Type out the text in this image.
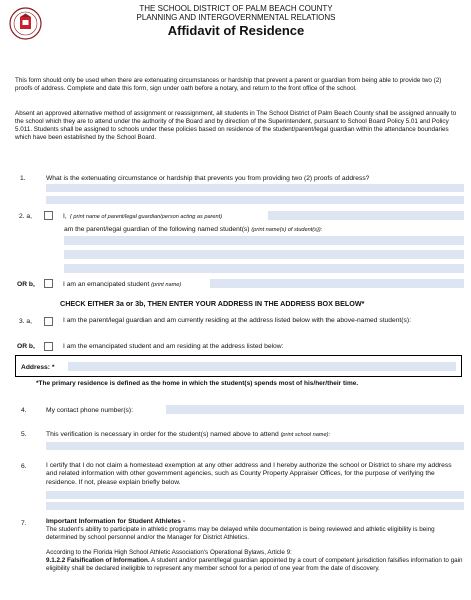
THE SCHOOL DISTRICT OF PALM BEACH COUNTY
PLANNING AND INTERGOVERNMENTAL RELATIONS
Affidavit of Residence
This form should only be used when there are extenuating circumstances or hardship that prevent a parent or guardian from being able to provide two (2) proofs of address. Complete and date this form, sign under oath before a notary, and return to the front office of the school.
Absent an approved alternative method of assignment or reassignment, all students in The School District of Palm Beach County shall be assigned annually to the school which they are to attend under the authority of the Board and by direction of the Superintendent, pursuant to School Board Policy 5.01 and Policy 5.011. Students shall be assigned to schools under these policies based on residence of the student/parent/legal guardian within the attendance boundaries which have been established by the School Board.
1.	What is the extenuating circumstance or hardship that prevents you from providing two (2) proofs of address?
2. a,	I, ( print name of parent/legal guardian/person acting as parent)
am the parent/legal guardian of the following named student(s) (print name(s) of student(s)):
OR b,	I am an emancipated student (print name)
CHECK EITHER 3a or 3b, THEN ENTER YOUR ADDRESS IN THE ADDRESS BOX BELOW*
3. a,	I am the parent/legal guardian and am currently residing at the address listed below with the above-named student(s):
OR b,	I am the emancipated student and am residing at the address listed below:
Address: *
*The primary residence is defined as the home in which the student(s) spends most of his/her/their time.
4.	My contact phone number(s):
5.	This verification is necessary in order for the student(s) named above to attend (print school name):
6.	I certify that I do not claim a homestead exemption at any other address and I hereby authorize the school or District to share my address and related information with other government agencies, such as County Property Appraiser Offices, for the purpose of verifying the residence. If not, please explain briefly below.
7.	Important Information for Student Athletes -
The student's ability to participate in athletic programs may be delayed while documentation is being reviewed and athletic eligibility is being determined by school personnel and/or the Manager for District Athletics.
According to the Florida High School Athletic Association's Operational Bylaws, Article 9:
9.1.2.2 Falsification of Information. A student and/or parent/legal guardian appointed by a court of competent jurisdiction falsifies information to gain eligibility shall be declared ineligible to represent any member school for a period of one year from the date of discovery.
